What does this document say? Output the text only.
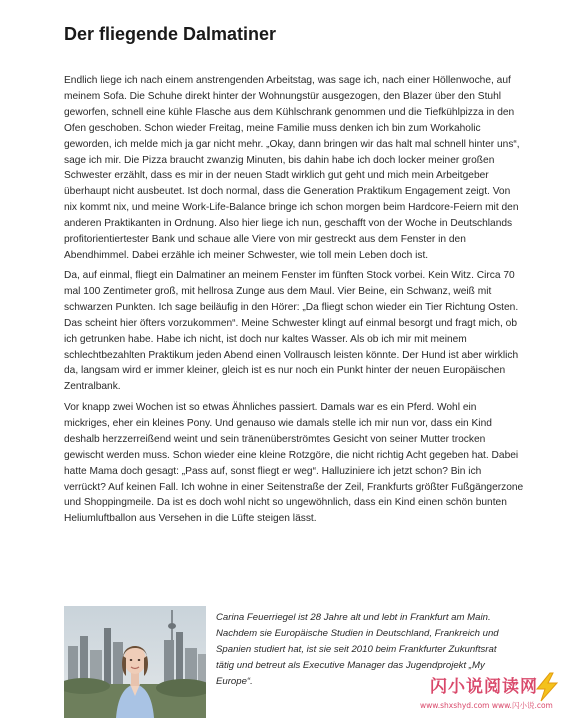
Der fliegende Dalmatiner

Endlich liege ich nach einem anstrengenden Arbeitstag, was sage ich, nach einer Höllenwoche, auf meinem Sofa. Die Schuhe direkt hinter der Wohnungstür ausgezogen, den Blazer über den Stuhl geworfen, schnell eine kühle Flasche aus dem Kühlschrank genommen und die Tiefkühlpizza in den Ofen geschoben. Schon wieder Freitag, meine Familie muss denken ich bin zum Workaholic geworden, ich melde mich ja gar nicht mehr. „Okay, dann bringen wir das halt mal schnell hinter uns“, sage ich mir. Die Pizza braucht zwanzig Minuten, bis dahin habe ich doch locker meiner großen Schwester erzählt, dass es mir in der neuen Stadt wirklich gut geht und mich mein Arbeitgeber überhaupt nicht ausbeutet. Ist doch normal, dass die Generation Praktikum Engagement zeigt. Von nix kommt nix, und meine Work-Life-Balance bringe ich schon morgen beim Hardcore-Feiern mit den anderen Praktikanten in Ordnung. Also hier liege ich nun, geschafft von der Woche in Deutschlands profitorientiertester Bank und schaue alle Viere von mir gestreckt aus dem Fenster in den Abendhimmel. Dabei erzähle ich meiner Schwester, wie toll mein Leben doch ist.

Da, auf einmal, fliegt ein Dalmatiner an meinem Fenster im fünften Stock vorbei. Kein Witz. Circa 70 mal 100 Zentimeter groß, mit hellrosa Zunge aus dem Maul. Vier Beine, ein Schwanz, weiß mit schwarzen Punkten. Ich sage beiläufig in den Hörer: „Da fliegt schon wieder ein Tier Richtung Osten. Das scheint hier öfters vorzukommen“. Meine Schwester klingt auf einmal besorgt und fragt mich, ob ich getrunken habe. Habe ich nicht, ist doch nur kaltes Wasser. Als ob ich mir mit meinem schlechtbezahlten Praktikum jeden Abend einen Vollrausch leisten könnte. Der Hund ist aber wirklich da, langsam wird er immer kleiner, gleich ist es nur noch ein Punkt hinter der neuen Europäischen Zentralbank.

Vor knapp zwei Wochen ist so etwas Ähnliches passiert. Damals war es ein Pferd. Wohl ein mickriges, eher ein kleines Pony. Und genauso wie damals stelle ich mir nun vor, dass ein Kind deshalb herzzerreißend weint und sein tränenüberströmtes Gesicht von seiner Mutter trocken gewischt werden muss. Schon wieder eine kleine Rotzgöre, die nicht richtig Acht gegeben hat. Dabei hatte Mama doch gesagt: „Pass auf, sonst fliegt er weg“. Halluziniere ich jetzt schon? Bin ich verrückt? Auf keinen Fall. Ich wohne in einer Seitenstraße der Zeil, Frankfurts größter Fußgängerzone und Shoppingmeile. Da ist es doch wohl nicht so ungewöhnlich, dass ein Kind einen schön bunten Heliumluftballon aus Versehen in die Lüfte steigen lässt.

Carina Feuerriegel ist 28 Jahre alt und lebt in Frankfurt am Main. Nachdem sie Europäische Studien in Deutschland, Frankreich und Spanien studiert hat, ist sie seit 2010 beim Frankfurter Zukunftsrat tätig und betreut als Executive Manager das Jugendprojekt „My Europe“.	闪小说阅读网
www.shxshyd.com www.闪小说.com
